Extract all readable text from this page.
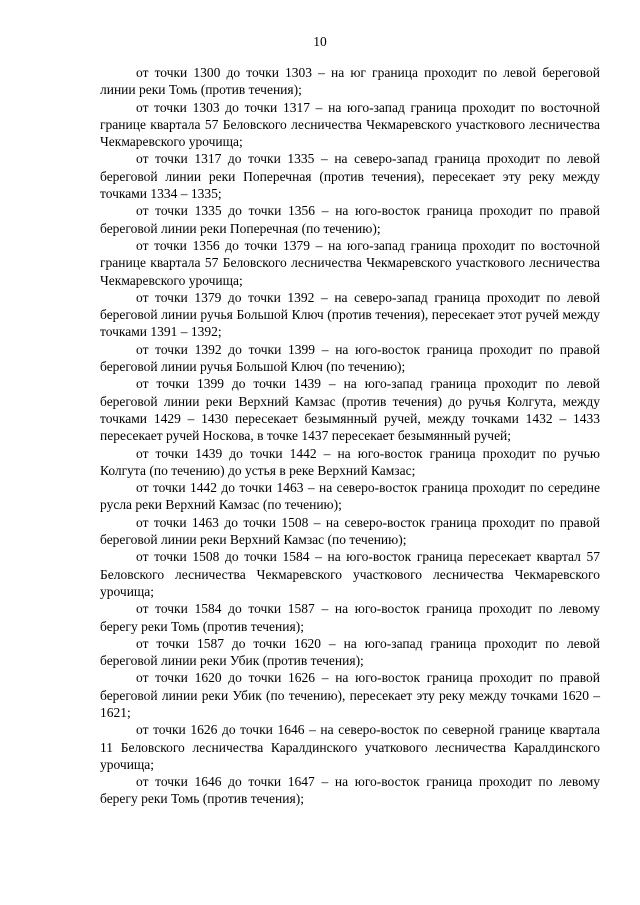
10

от точки 1300 до точки 1303 – на юг граница проходит по левой береговой линии реки Томь (против течения);

от точки 1303 до точки 1317 – на юго-запад граница проходит по восточной границе квартала 57 Беловского лесничества Чекмаревского участкового лесничества Чекмаревского урочища;

от точки 1317 до точки 1335 – на северо-запад граница проходит по левой береговой линии реки Поперечная (против течения), пересекает эту реку между точками 1334 – 1335;

от точки 1335 до точки 1356 – на юго-восток граница проходит по правой береговой линии реки Поперечная (по течению);

от точки 1356 до точки 1379 – на юго-запад граница проходит по восточной границе квартала 57 Беловского лесничества Чекмаревского участкового лесничества Чекмаревского урочища;

от точки 1379 до точки 1392 – на северо-запад граница проходит по левой береговой линии ручья Большой Ключ (против течения), пересекает этот ручей между точками 1391 – 1392;

от точки 1392 до точки 1399 – на юго-восток граница проходит по правой береговой линии ручья Большой Ключ (по течению);

от точки 1399 до точки 1439 – на юго-запад граница проходит по левой береговой линии реки Верхний Камзас (против течения) до ручья Колгута, между точками 1429 – 1430 пересекает безымянный ручей, между точками 1432 – 1433 пересекает ручей Носкова, в точке 1437 пересекает безымянный ручей;

от точки 1439 до точки 1442 – на юго-восток граница проходит по ручью Колгута (по течению) до устья в реке Верхний Камзас;

от точки 1442 до точки 1463 – на северо-восток граница проходит по середине русла реки Верхний Камзас (по течению);

от точки 1463 до точки 1508 – на северо-восток граница проходит по правой береговой линии реки Верхний Камзас (по течению);

от точки 1508 до точки 1584 – на юго-восток граница пересекает квартал 57 Беловского лесничества Чекмаревского участкового лесничества Чекмаревского урочища;

от точки 1584 до точки 1587 – на юго-восток граница проходит по левому берегу реки Томь (против течения);

от точки 1587 до точки 1620 – на юго-запад граница проходит по левой береговой линии реки Убик (против течения);

от точки 1620 до точки 1626 – на юго-восток граница проходит по правой береговой линии реки Убик (по течению), пересекает эту реку между точками 1620 – 1621;

от точки 1626 до точки 1646 – на северо-восток по северной границе квартала 11 Беловского лесничества Каралдинского учаткового лесничества Каралдинского урочища;

от точки 1646 до точки 1647 – на юго-восток граница проходит по левому берегу реки Томь (против течения);
